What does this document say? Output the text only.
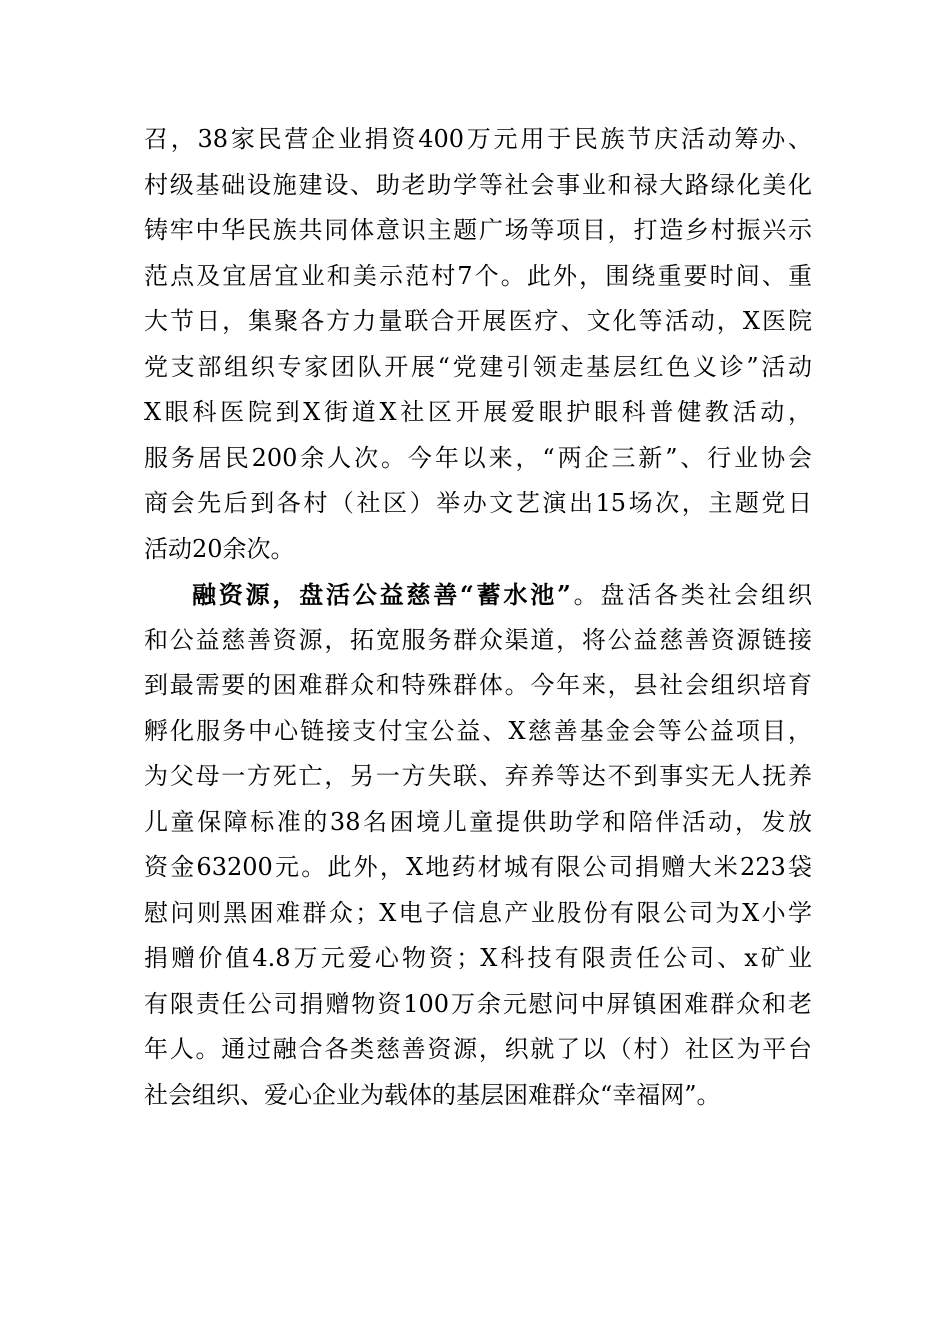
召，38家民营企业捐资400万元用于民族节庆活动筹办、
村级基础设施建设、助老助学等社会事业和禄大路绿化美化
铸牢中华民族共同体意识主题广场等项目，打造乡村振兴示
范点及宜居宜业和美示范村7个。此外，围绕重要时间、重
大节日，集聚各方力量联合开展医疗、文化等活动，X医院
党支部组织专家团队开展“党建引领走基层红色义诊”活动
X眼科医院到X街道X社区开展爱眼护眼科普健教活动，
服务居民200余人次。今年以来，“两企三新”、行业协会
商会先后到各村（社区）举办文艺演出15场次，主题党日
活动20余次。
融资源，盘活公益慈善“蓄水池”。盘活各类社会组织
和公益慈善资源，拓宽服务群众渠道，将公益慈善资源链接
到最需要的困难群众和特殊群体。今年来，县社会组织培育
孵化服务中心链接支付宝公益、X慈善基金会等公益项目，
为父母一方死亡，另一方失联、弃养等达不到事实无人抚养
儿童保障标准的38名困境儿童提供助学和陪伴活动，发放
资金63200元。此外，X地药材城有限公司捐赠大米223袋
慰问则黑困难群众；X电子信息产业股份有限公司为X小学
捐赠价值4.8万元爱心物资；X科技有限责任公司、x矿业
有限责任公司捐赠物资100万余元慰问中屏镇困难群众和老
年人。通过融合各类慈善资源，织就了以（村）社区为平台
社会组织、爱心企业为载体的基层困难群众“幸福网”。
